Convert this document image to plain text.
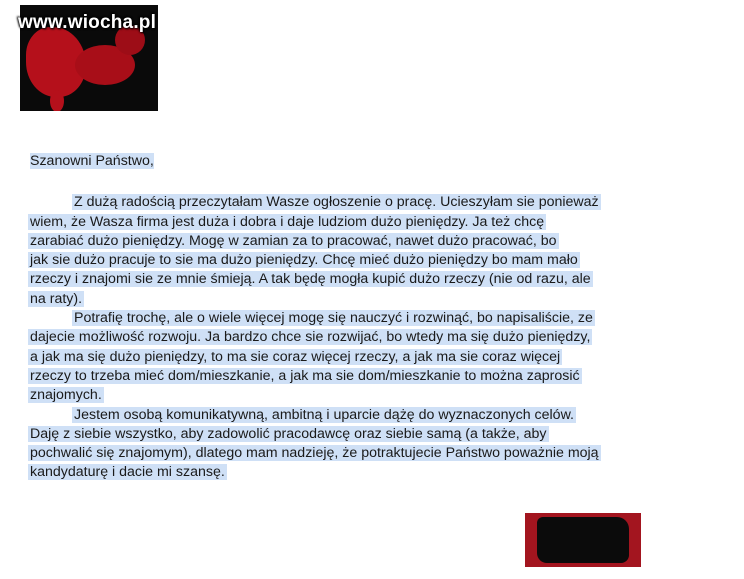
www.wiocha.pl
Szanowni Państwo,
Z dużą radością przeczytałam Wasze ogłoszenie o pracę. Ucieszyłam sie ponieważ
wiem, że Wasza firma jest duża i dobra i daje ludziom dużo pieniędzy. Ja też chcę
zarabiać dużo pieniędzy. Mogę w zamian za to pracować, nawet dużo pracować, bo
jak sie dużo pracuje to sie ma dużo pieniędzy. Chcę mieć dużo pieniędzy bo mam mało
rzeczy i znajomi sie ze mnie śmieją. A tak będę mogła kupić dużo rzeczy (nie od razu, ale
na raty).
Potrafię trochę, ale o wiele więcej mogę się nauczyć i rozwinąć, bo napisaliście, ze
dajecie możliwość rozwoju. Ja bardzo chce sie rozwijać, bo wtedy ma się dużo pieniędzy,
a jak ma się dużo pieniędzy, to ma sie coraz więcej rzeczy, a jak ma sie coraz więcej
rzeczy to trzeba mieć dom/mieszkanie, a jak ma sie dom/mieszkanie to można zaprosić
znajomych.
Jestem osobą komunikatywną, ambitną i uparcie dążę do wyznaczonych celów.
Daję z siebie wszystko, aby zadowolić pracodawcę oraz siebie samą (a także, aby
pochwalić się znajomym), dlatego mam nadzieję, że potraktujecie Państwo poważnie moją
kandydaturę i dacie mi szansę.
